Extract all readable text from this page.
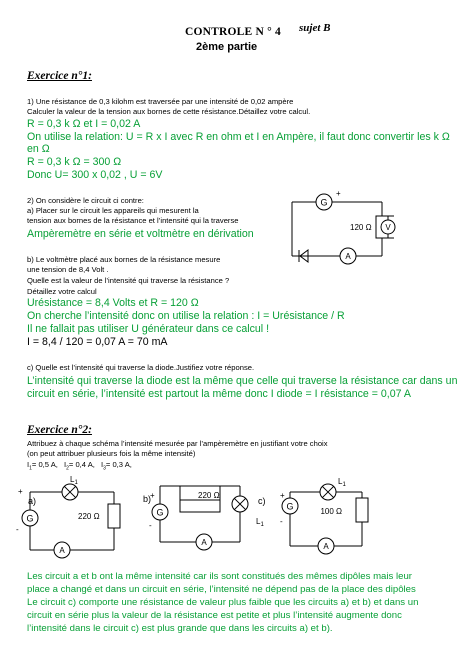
CONTROLE N ° 4 sujet B
2ème partie
Exercice n°1:
1) Une résistance de 0,3 kilohm est traversée par une intensité de 0,02 ampère
Calculer la valeur de la tension aux bornes de cette résistance.Détaillez votre calcul.
R = 0,3 k Ω et I = 0,02 A
On utilise la relation: U = R x I avec R en ohm et I en Ampère, il faut donc convertir les k Ω
en Ω
R = 0,3 k Ω = 300 Ω
Donc U= 300 x 0,02 , U = 6V
2) On considère le circuit ci contre:
a) Placer sur le circuit les appareils qui mesurent la
tension aux bornes de la résistance et l’intensité qui la traverse
Ampèremètre en série et voltmètre en dérivation
b) Le voltmètre placé aux bornes de la résistance mesure
une tension de 8,4 Volt .
Quelle est la valeur de l’intensité qui traverse la résistance ?
Détaillez votre calcul
Urésistance = 8,4 Volts et R = 120 Ω
On cherche l’intensité donc on utilise la relation : I = Urésistance / R
Il ne fallait pas utiliser U générateur dans ce calcul !
I = 8,4 / 120 = 0,07 A = 70 mA
c) Quelle est l’intensité qui traverse la diode.Justifiez votre réponse.
L’intensité qui traverse la diode est la même que celle qui traverse la résistance car dans un
circuit en série, l’intensité est partout la même donc I diode = I résistance = 0,07 A
G
+
120 Ω V
A
Exercice n°2:
Attribuez à chaque schéma l’intensité mesurée par l’ampèremètre en justifiant votre choix
(on peut attribuer plusieurs fois la même intensité)
$I_1= 0,5$ A, $I_2= 0,4$ A, $I_3= 0,3$ A,
+
a)
-
G
$L_1$
220 Ω
A
b)
+
-
G
220 Ω
$L_1$
c)
A
+
-
G
$L_1$
100 Ω
A
Les circuit a et b ont la même intensité car ils sont constitués des mêmes dipôles mais leur
place a changé et dans un circuit en série, l’intensité ne dépend pas de la place des dipôles
Le circuit c) comporte une résistance de valeur plus faible que les circuits a) et b) et dans un
circuit en série plus la valeur de la résistance est petite et plus l’intensité augmente donc
l’intensité dans le circuit c) est plus grande que dans les circuits a) et b).
